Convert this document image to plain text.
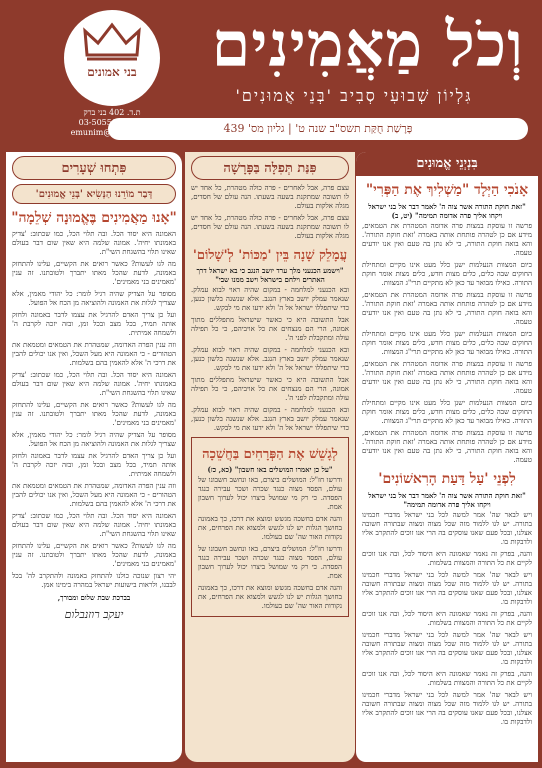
וְכֹל מַאֲמִינִים
גִּלְיוֹן שְׁבוּעִי סְבִיב 'בְּנֵי אֲמוּנִים'
פָּרָשַׁת חֻקַּת תשס"ב שנה ט' | גליון מס' 439
בני אמונים
ת.ד. 402 בני ברק
פקס: 03-5055049
emunim@gmail.com
בִּנְיְנֵי אֱמוּנִים
אָנֹכִי הַיְּלָד "מַשְׁלִיךְ אֶת הַפְּרִי"
"זאת חוקת התורה אשר צוה ה' לאמר דבר אל בני ישראל ויקחו אליך פרה אדומה תמימה" (יט, ב)

פרשה זו עוסקת במצות פרה אדומה המטהרת את הטמאים, מידע אם כן לטהרה פותחת אותה באמרה 'זאת חוקת התורה'. והא בואה חוקת התורה, כי לא נתן בה טעם ואין אנו יודעים טעמה.

כיום המצוות הנעלמות ישנן כלל מעט אינו מקיים ומתחילת החוקים שבה כלים, כלים מצות חדש, כלים מצות אומר חוקת התורה. כאילו מבואר עד כאן לא מתקיים תרי"ג המצוות.

פרשה זו עוסקת במצות פרה אדומה המטהרת את הטמאים, מידע אם כן לטהרה פותחת אותה באמרה 'זאת חוקת התורה'. והא בואה חוקת התורה, כי לא נתן בה טעם ואין אנו יודעים טעמה.

כיום המצוות הנעלמות ישנן כלל מעט אינו מקיים ומתחילת החוקים שבה כלים, כלים מצות חדש, כלים מצות אומר חוקת התורה. כאילו מבואר עד כאן לא מתקיים תרי"ג המצוות.

פרשה זו עוסקת במצות פרה אדומה המטהרת את הטמאים, מידע אם כן לטהרה פותחת אותה באמרה 'זאת חוקת התורה'. והא בואה חוקת התורה, כי לא נתן בה טעם ואין אנו יודעים טעמה.

כיום המצוות הנעלמות ישנן כלל מעט אינו מקיים ומתחילת החוקים שבה כלים, כלים מצות חדש, כלים מצות אומר חוקת התורה. כאילו מבואר עד כאן לא מתקיים תרי"ג המצוות.

פרשה זו עוסקת במצות פרה אדומה המטהרת את הטמאים, מידע אם כן לטהרה פותחת אותה באמרה 'זאת חוקת התורה'. והא בואה חוקת התורה, כי לא נתן בה טעם ואין אנו יודעים טעמה.

לִפְנֵי 'עַל דַּעַת הָרִאשׁוֹנִים'
"זאת חוקת התורה אשר צוה ה' לאמר דבר אל בני ישראל ויקחו אליך פרה אדומה תמימה"

ויש לבאר שה' אמר למשה לכל בני ישראל מדברי חכמינו בתורה. יש לנו ללמוד מזה שכל מצוה ומצוה שבתורה חשובה אצלנו, ובכל פעם שאנו עוסקים בה הרי אנו זוכים להתקרב אליו ולדבקות בו.

והנה, בפרק זה נאמר שאמונה היא היסוד לכל, ובה אנו זוכים לקיים את כל התורה והמצוות בשלמות.

ויש לבאר שה' אמר למשה לכל בני ישראל מדברי חכמינו בתורה. יש לנו ללמוד מזה שכל מצוה ומצוה שבתורה חשובה אצלנו, ובכל פעם שאנו עוסקים בה הרי אנו זוכים להתקרב אליו ולדבקות בו.

והנה, בפרק זה נאמר שאמונה היא היסוד לכל, ובה אנו זוכים לקיים את כל התורה והמצוות בשלמות.

ויש לבאר שה' אמר למשה לכל בני ישראל מדברי חכמינו בתורה. יש לנו ללמוד מזה שכל מצוה ומצוה שבתורה חשובה אצלנו, ובכל פעם שאנו עוסקים בה הרי אנו זוכים להתקרב אליו ולדבקות בו.

והנה, בפרק זה נאמר שאמונה היא היסוד לכל, ובה אנו זוכים לקיים את כל התורה והמצוות בשלמות.

ויש לבאר שה' אמר למשה לכל בני ישראל מדברי חכמינו בתורה. יש לנו ללמוד מזה שכל מצוה ומצוה שבתורה חשובה אצלנו, ובכל פעם שאנו עוסקים בה הרי אנו זוכים להתקרב אליו ולדבקות בו.

פִּנַּת תְּפִלָּה בַּפָּרָשָׁה

עצם פרה, אבל לאחרים - פרה כולה מטהרת, כל אחד יש לו תשובה שמתקנת בשעה בשעתו. הנה עולם של חסדים, מגלה אלקות בעולם.

עצם פרה, אבל לאחרים - פרה כולה מטהרת, כל אחד יש לו תשובה שמתקנת בשעה בשעתו. הנה עולם של חסדים, מגלה אלקות בעולם.

עֲמָלֵק שָׁנָה בֵּין 'מַכּוֹת' לְ'שָׁלוֹם'
"וישמע הכנעני מלך ערד יושב הנגב כי בא ישראל דרך האתרים וילחם בישראל וישב ממנו שבי"

ובא הכנעני למלחמה - במקום שהיה ראוי לבוא עמלק. שנאמר עמלק יושב בארץ הנגב. אלא שנשנה בלשון כנען, כדי שיתפללו ישראל אל ה' ולא ידעו את מי לבקש.

אבל התשובה היא כי כאשר שישראל מתפללים מתוך אמונה, הרי הם מנצחים את כל אויביהם, כי כל תפילה עולה ומתקבלת לפני ה'.

ובא הכנעני למלחמה - במקום שהיה ראוי לבוא עמלק. שנאמר עמלק יושב בארץ הנגב. אלא שנשנה בלשון כנען, כדי שיתפללו ישראל אל ה' ולא ידעו את מי לבקש.

אבל התשובה היא כי כאשר שישראל מתפללים מתוך אמונה, הרי הם מנצחים את כל אויביהם, כי כל תפילה עולה ומתקבלת לפני ה'.

ובא הכנעני למלחמה - במקום שהיה ראוי לבוא עמלק. שנאמר עמלק יושב בארץ הנגב. אלא שנשנה בלשון כנען, כדי שיתפללו ישראל אל ה' ולא ידעו את מי לבקש.

לְגָשֵׁשׁ אֶת הַפְּרָחִים בַּחֲשֵׁכָה
"על כן יאמרו המושלים באו חשבון" (כא, כז)

ודרשו חז"ל: המושלים ביצרם, באו ונחשב חשבונו של עולם, הפסד מצוה כנגד שכרה ושכר עבירה כנגד הפסדה. כי רק מי שמושל ביצרו יכול לערוך חשבון אמת.

והנה אדם בחשכה מגשש ומוצא את דרכו, כך באמונה בחושך הגלות יש לנו לגשש ולמצוא את הפרחים, את נקודות האור שה' שם בעולמו.

ודרשו חז"ל: המושלים ביצרם, באו ונחשב חשבונו של עולם, הפסד מצוה כנגד שכרה ושכר עבירה כנגד הפסדה. כי רק מי שמושל ביצרו יכול לערוך חשבון אמת.

והנה אדם בחשכה מגשש ומוצא את דרכו, כך באמונה בחושך הגלות יש לנו לגשש ולמצוא את הפרחים, את נקודות האור שה' שם בעולמו.

פִּתְחוּ שְׁעָרִים
דְּבַר מוֹרֵנוּ הַנְּשִׂיא 'בְּנֵי אֱמוּנִים'
"אָנוּ מַאֲמִינִים בֶּאֱמוּנָה שְׁלֵמָה"

האמונה היא יסוד הכל. ובה תלוי הכל, כמו שכתוב: 'צדיק באמונתו יחיה'. אמונה שלמה היא שאין שום דבר בעולם שאינו תלוי בהשגחת השי"ת.

מה לגו לעשות? כאשר רואים את הקשיים, עלינו להתחזק באמונה, לדעת שהכל מאתו יתברך ולטובתנו. זה ענין 'מאמינים בני מאמינים'.

מסופר על הצדיק שהיה רגיל לומר: כל יהודי מאמין, אלא שצריך לגלות את האמונה ולהוציאה מן הכח אל הפועל.

ועל כן צריך האדם להרגיל את עצמו לדבר באמונה ולחזק אותה תמיד, בכל מצב ובכל זמן, ובזה יזכה לקרבת ה' ולשמחה אמיתית.

וזה ענין הפרה האדומה, שמטהרת את הטמאים ומטמאת את הטהורים - כי האמונה היא מעל השכל, ואין אנו יכולים להבין את דרכי ה' אלא להאמין בהם בשלמות.

האמונה היא יסוד הכל. ובה תלוי הכל, כמו שכתוב: 'צדיק באמונתו יחיה'. אמונה שלמה היא שאין שום דבר בעולם שאינו תלוי בהשגחת השי"ת.

מה לגו לעשות? כאשר רואים את הקשיים, עלינו להתחזק באמונה, לדעת שהכל מאתו יתברך ולטובתנו. זה ענין 'מאמינים בני מאמינים'.

מסופר על הצדיק שהיה רגיל לומר: כל יהודי מאמין, אלא שצריך לגלות את האמונה ולהוציאה מן הכח אל הפועל.

ועל כן צריך האדם להרגיל את עצמו לדבר באמונה ולחזק אותה תמיד, בכל מצב ובכל זמן, ובזה יזכה לקרבת ה' ולשמחה אמיתית.

וזה ענין הפרה האדומה, שמטהרת את הטמאים ומטמאת את הטהורים - כי האמונה היא מעל השכל, ואין אנו יכולים להבין את דרכי ה' אלא להאמין בהם בשלמות.

האמונה היא יסוד הכל. ובה תלוי הכל, כמו שכתוב: 'צדיק באמונתו יחיה'. אמונה שלמה היא שאין שום דבר בעולם שאינו תלוי בהשגחת השי"ת.

מה לגו לעשות? כאשר רואים את הקשיים, עלינו להתחזק באמונה, לדעת שהכל מאתו יתברך ולטובתנו. זה ענין 'מאמינים בני מאמינים'.

יהי רצון שנזכה כולנו להתחזק באמונה ולהתקרב לה' בכל לבבנו, ולראות בישועות ישראל במהרה בימינו אמן.

בברכת שבת שלום ומבורך,
יעקב רוזנבלום
